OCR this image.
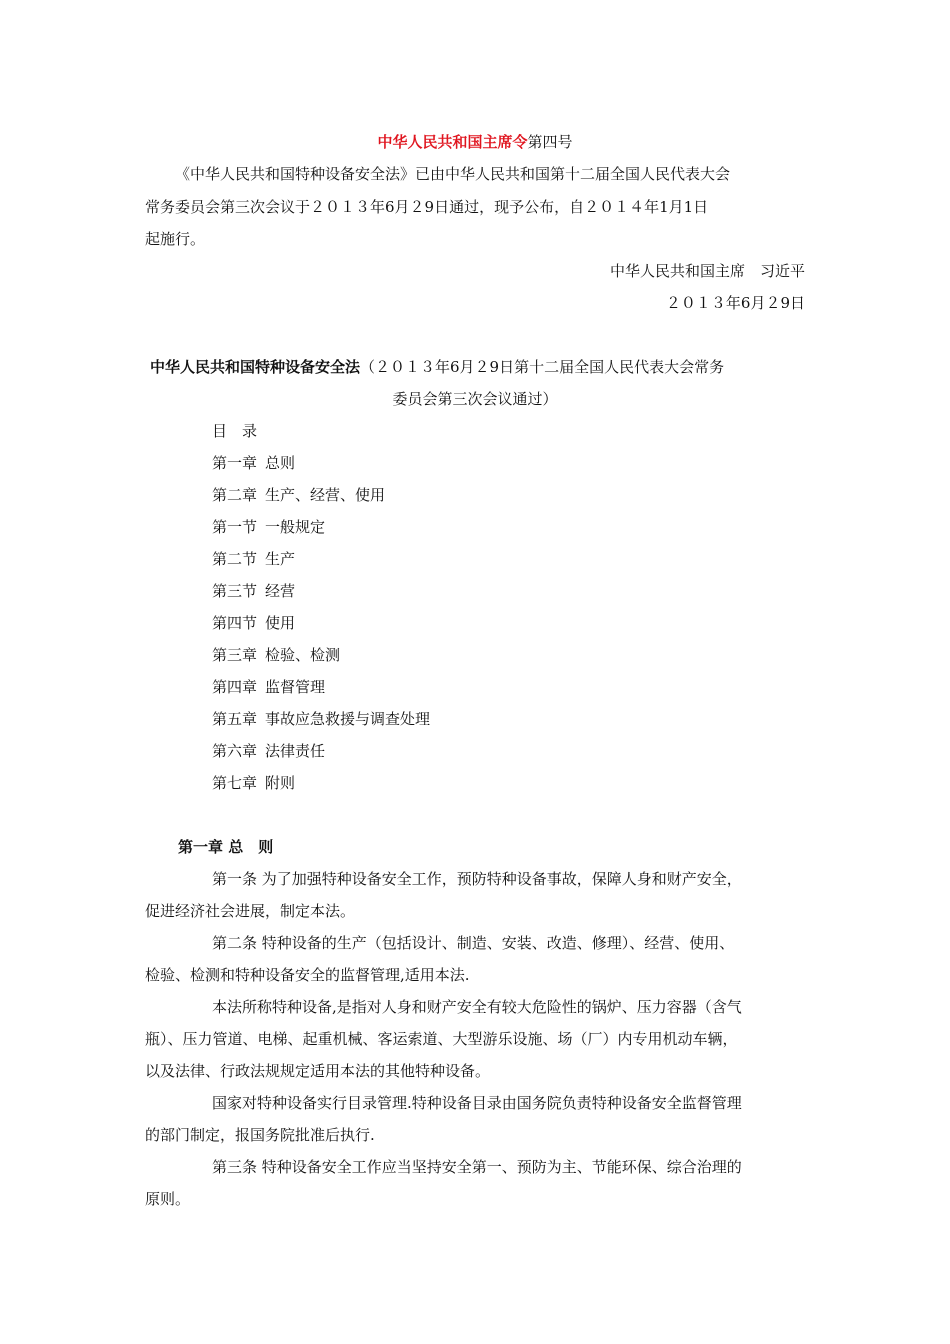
中华人民共和国主席令第四号
《中华人民共和国特种设备安全法》已由中华人民共和国第十二届全国人民代表大会
常务委员会第三次会议于２０１３年6月２9日通过，现予公布，自２０１４年1月1日
起施行。
中华人民共和国主席　习近平
２０１３年6月２9日
中华人民共和国特种设备安全法（２０１３年6月２9日第十二届全国人民代表大会常务
委员会第三次会议通过）
目　录
第一章 总则
第二章 生产、经营、使用
第一节 一般规定
第二节 生产
第三节 经营
第四节 使用
第三章 检验、检测
第四章 监督管理
第五章 事故应急救援与调查处理
第六章 法律责任
第七章 附则
第一章 总　则
第一条 为了加强特种设备安全工作，预防特种设备事故，保障人身和财产安全，
促进经济社会进展，制定本法。
第二条 特种设备的生产（包括设计、制造、安装、改造、修理）、经营、使用、
检验、检测和特种设备安全的监督管理,适用本法.
本法所称特种设备,是指对人身和财产安全有较大危险性的锅炉、压力容器（含气
瓶）、压力管道、电梯、起重机械、客运索道、大型游乐设施、场（厂）内专用机动车辆，
以及法律、行政法规规定适用本法的其他特种设备。
国家对特种设备实行目录管理.特种设备目录由国务院负责特种设备安全监督管理
的部门制定，报国务院批准后执行.
第三条 特种设备安全工作应当坚持安全第一、预防为主、节能环保、综合治理的
原则。
